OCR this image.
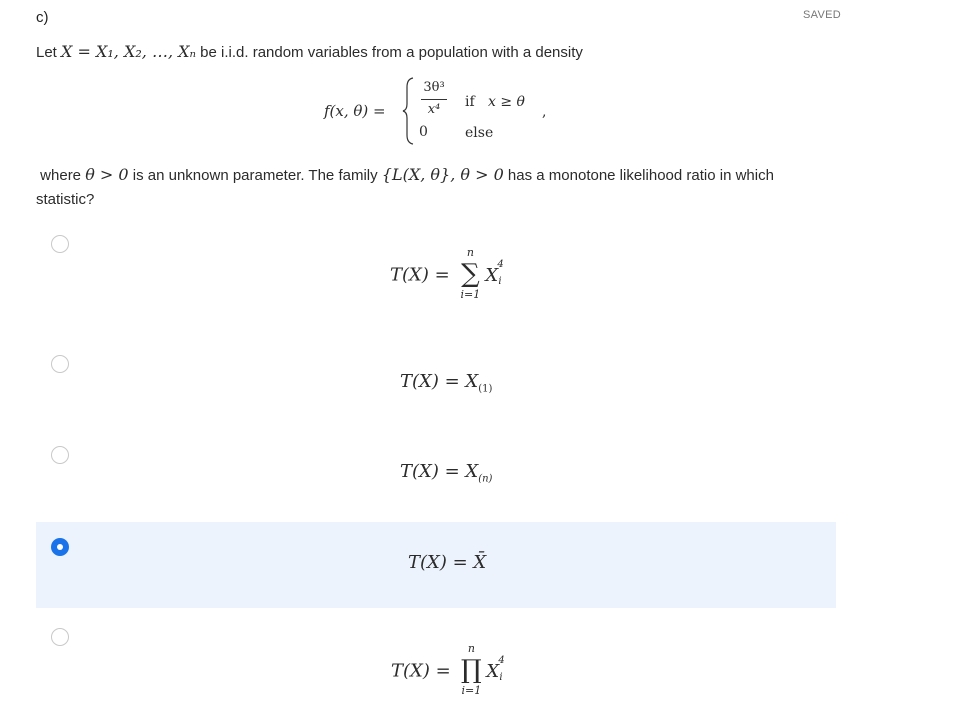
c)	SAVED
Let X = X₁, X₂, …, Xₙ be i.i.d. random variables from a population with a density
f(x, θ) =
3θ³
x⁴
0
if x ≥ θ
else
,
where θ > 0 is an unknown parameter. The family {L(X, θ}, θ > 0 has a monotone likelihood ratio in which statistic?
T(X) =
n
∑
i=1
X
4
i
$T(X) = X_{(1)}$
$T(X) = X_{(n)}$
T(X) = X̄
T(X) =
n
∏
i=1
X
4
i
